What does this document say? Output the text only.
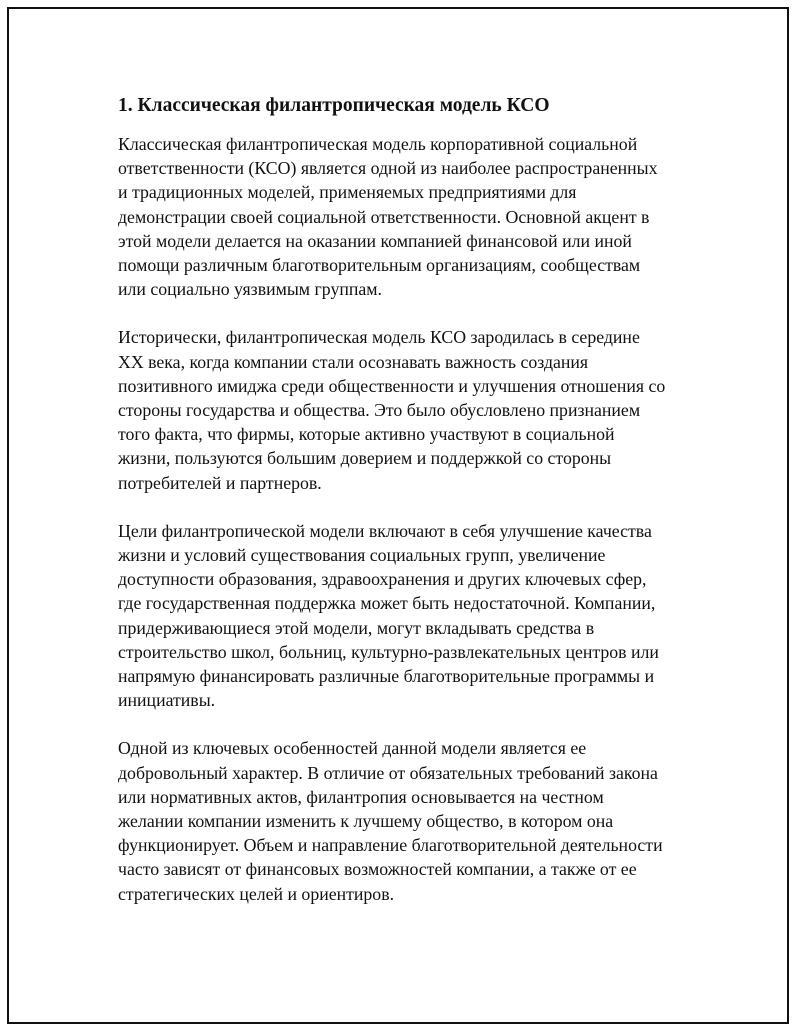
1. Классическая филантропическая модель КСО
Классическая филантропическая модель корпоративной социальной
ответственности (КСО) является одной из наиболее распространенных
и традиционных моделей, применяемых предприятиями для
демонстрации своей социальной ответственности. Основной акцент в
этой модели делается на оказании компанией финансовой или иной
помощи различным благотворительным организациям, сообществам
или социально уязвимым группам.
Исторически, филантропическая модель КСО зародилась в середине
XX века, когда компании стали осознавать важность создания
позитивного имиджа среди общественности и улучшения отношения со
стороны государства и общества. Это было обусловлено признанием
того факта, что фирмы, которые активно участвуют в социальной
жизни, пользуются большим доверием и поддержкой со стороны
потребителей и партнеров.
Цели филантропической модели включают в себя улучшение качества
жизни и условий существования социальных групп, увеличение
доступности образования, здравоохранения и других ключевых сфер,
где государственная поддержка может быть недостаточной. Компании,
придерживающиеся этой модели, могут вкладывать средства в
строительство школ, больниц, культурно-развлекательных центров или
напрямую финансировать различные благотворительные программы и
инициативы.
Одной из ключевых особенностей данной модели является ее
добровольный характер. В отличие от обязательных требований закона
или нормативных актов, филантропия основывается на честном
желании компании изменить к лучшему общество, в котором она
функционирует. Объем и направление благотворительной деятельности
часто зависят от финансовых возможностей компании, а также от ее
стратегических целей и ориентиров.
